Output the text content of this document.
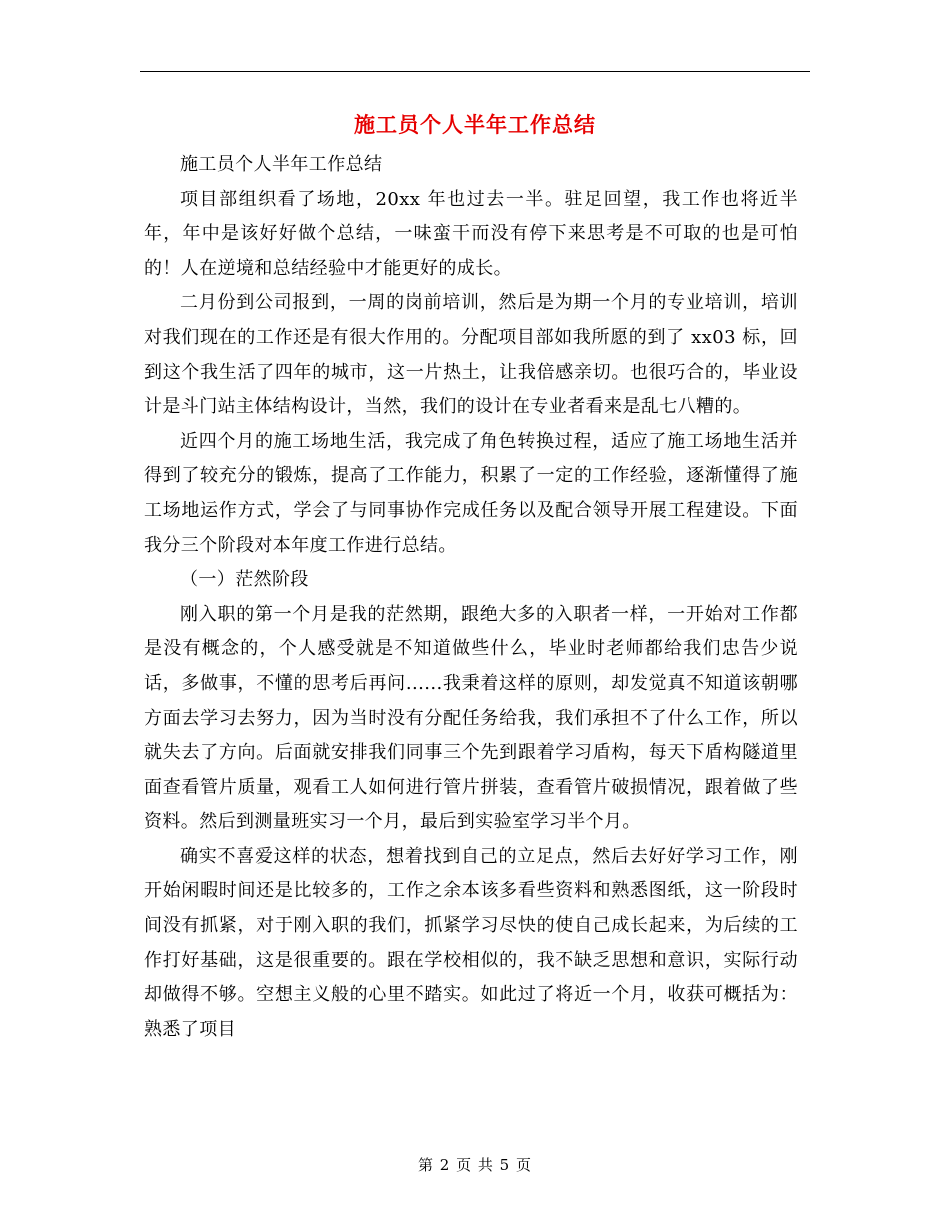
施工员个人半年工作总结

施工员个人半年工作总结

项目部组织看了场地，20xx 年也过去一半。驻足回望，我工作也将近半年，年中是该好好做个总结，一味蛮干而没有停下来思考是不可取的也是可怕的！人在逆境和总结经验中才能更好的成长。

二月份到公司报到，一周的岗前培训，然后是为期一个月的专业培训，培训对我们现在的工作还是有很大作用的。分配项目部如我所愿的到了 xx03 标，回到这个我生活了四年的城市，这一片热土，让我倍感亲切。也很巧合的，毕业设计是斗门站主体结构设计，当然，我们的设计在专业者看来是乱七八糟的。

近四个月的施工场地生活，我完成了角色转换过程，适应了施工场地生活并得到了较充分的锻炼，提高了工作能力，积累了一定的工作经验，逐渐懂得了施工场地运作方式，学会了与同事协作完成任务以及配合领导开展工程建设。下面我分三个阶段对本年度工作进行总结。

（一）茫然阶段

刚入职的第一个月是我的茫然期，跟绝大多的入职者一样，一开始对工作都是没有概念的，个人感受就是不知道做些什么，毕业时老师都给我们忠告少说话，多做事，不懂的思考后再问......我秉着这样的原则，却发觉真不知道该朝哪方面去学习去努力，因为当时没有分配任务给我，我们承担不了什么工作，所以就失去了方向。后面就安排我们同事三个先到跟着学习盾构，每天下盾构隧道里面查看管片质量，观看工人如何进行管片拼装，查看管片破损情况，跟着做了些资料。然后到测量班实习一个月，最后到实验室学习半个月。

确实不喜爱这样的状态，想着找到自己的立足点，然后去好好学习工作，刚开始闲暇时间还是比较多的，工作之余本该多看些资料和熟悉图纸，这一阶段时间没有抓紧，对于刚入职的我们，抓紧学习尽快的使自己成长起来，为后续的工作打好基础，这是很重要的。跟在学校相似的，我不缺乏思想和意识，实际行动却做得不够。空想主义般的心里不踏实。如此过了将近一个月，收获可概括为：熟悉了项目

第 2 页 共 5 页
